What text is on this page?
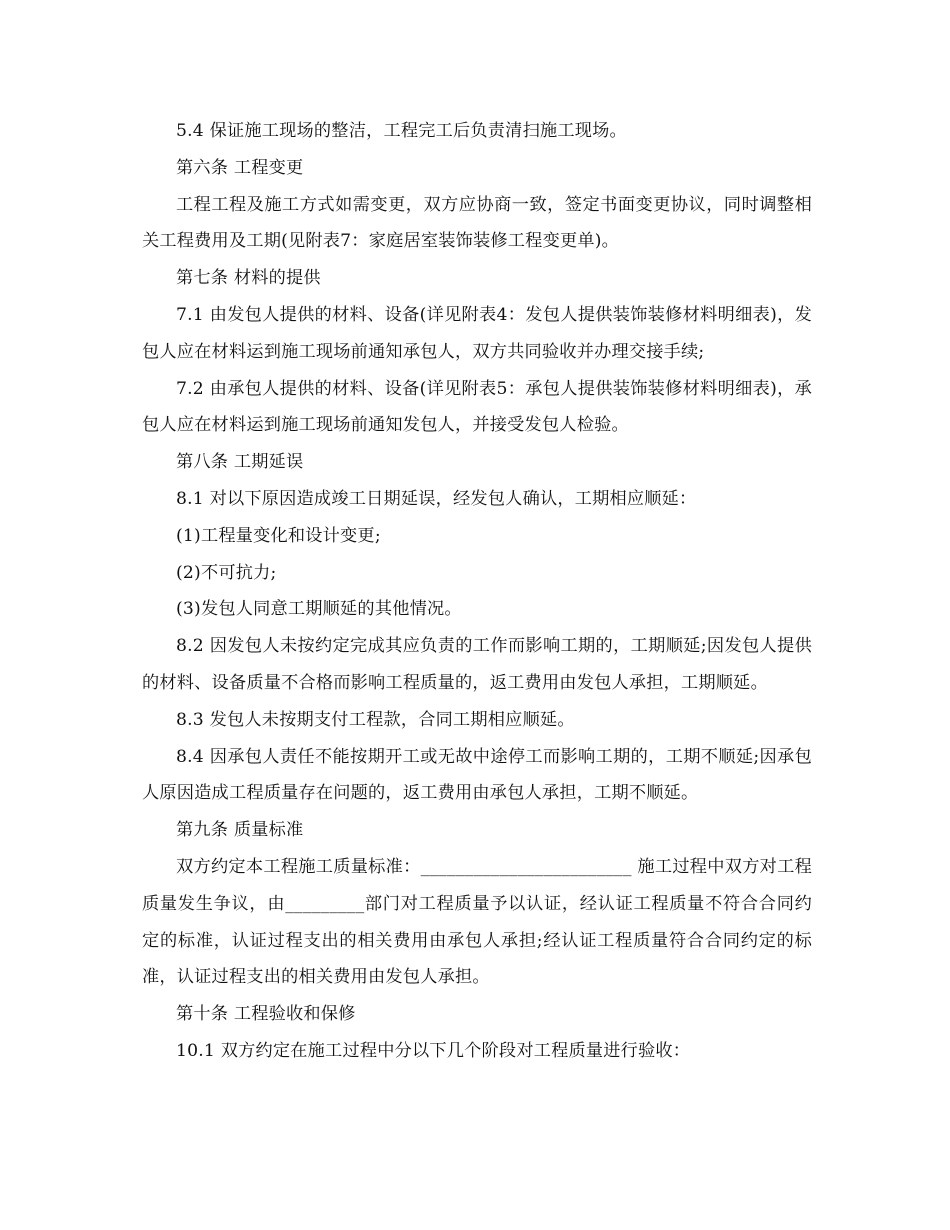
5.4 保证施工现场的整洁，工程完工后负责清扫施工现场。

第六条 工程变更

工程工程及施工方式如需变更，双方应协商一致，签定书面变更协议，同时调整相关工程费用及工期(见附表7：家庭居室装饰装修工程变更单)。

第七条 材料的提供

7.1 由发包人提供的材料、设备(详见附表4：发包人提供装饰装修材料明细表)，发包人应在材料运到施工现场前通知承包人，双方共同验收并办理交接手续;

7.2 由承包人提供的材料、设备(详见附表5：承包人提供装饰装修材料明细表)，承包人应在材料运到施工现场前通知发包人，并接受发包人检验。

第八条 工期延误

8.1 对以下原因造成竣工日期延误，经发包人确认，工期相应顺延：

(1)工程量变化和设计变更;

(2)不可抗力;

(3)发包人同意工期顺延的其他情况。

8.2 因发包人未按约定完成其应负责的工作而影响工期的，工期顺延;因发包人提供的材料、设备质量不合格而影响工程质量的，返工费用由发包人承担，工期顺延。

8.3 发包人未按期支付工程款，合同工期相应顺延。

8.4 因承包人责任不能按期开工或无故中途停工而影响工期的，工期不顺延;因承包人原因造成工程质量存在问题的，返工费用由承包人承担，工期不顺延。

第九条 质量标准

双方约定本工程施工质量标准：________________________ 施工过程中双方对工程质量发生争议，由_________部门对工程质量予以认证，经认证工程质量不符合合同约定的标准，认证过程支出的相关费用由承包人承担;经认证工程质量符合合同约定的标准，认证过程支出的相关费用由发包人承担。

第十条 工程验收和保修

10.1 双方约定在施工过程中分以下几个阶段对工程质量进行验收：
